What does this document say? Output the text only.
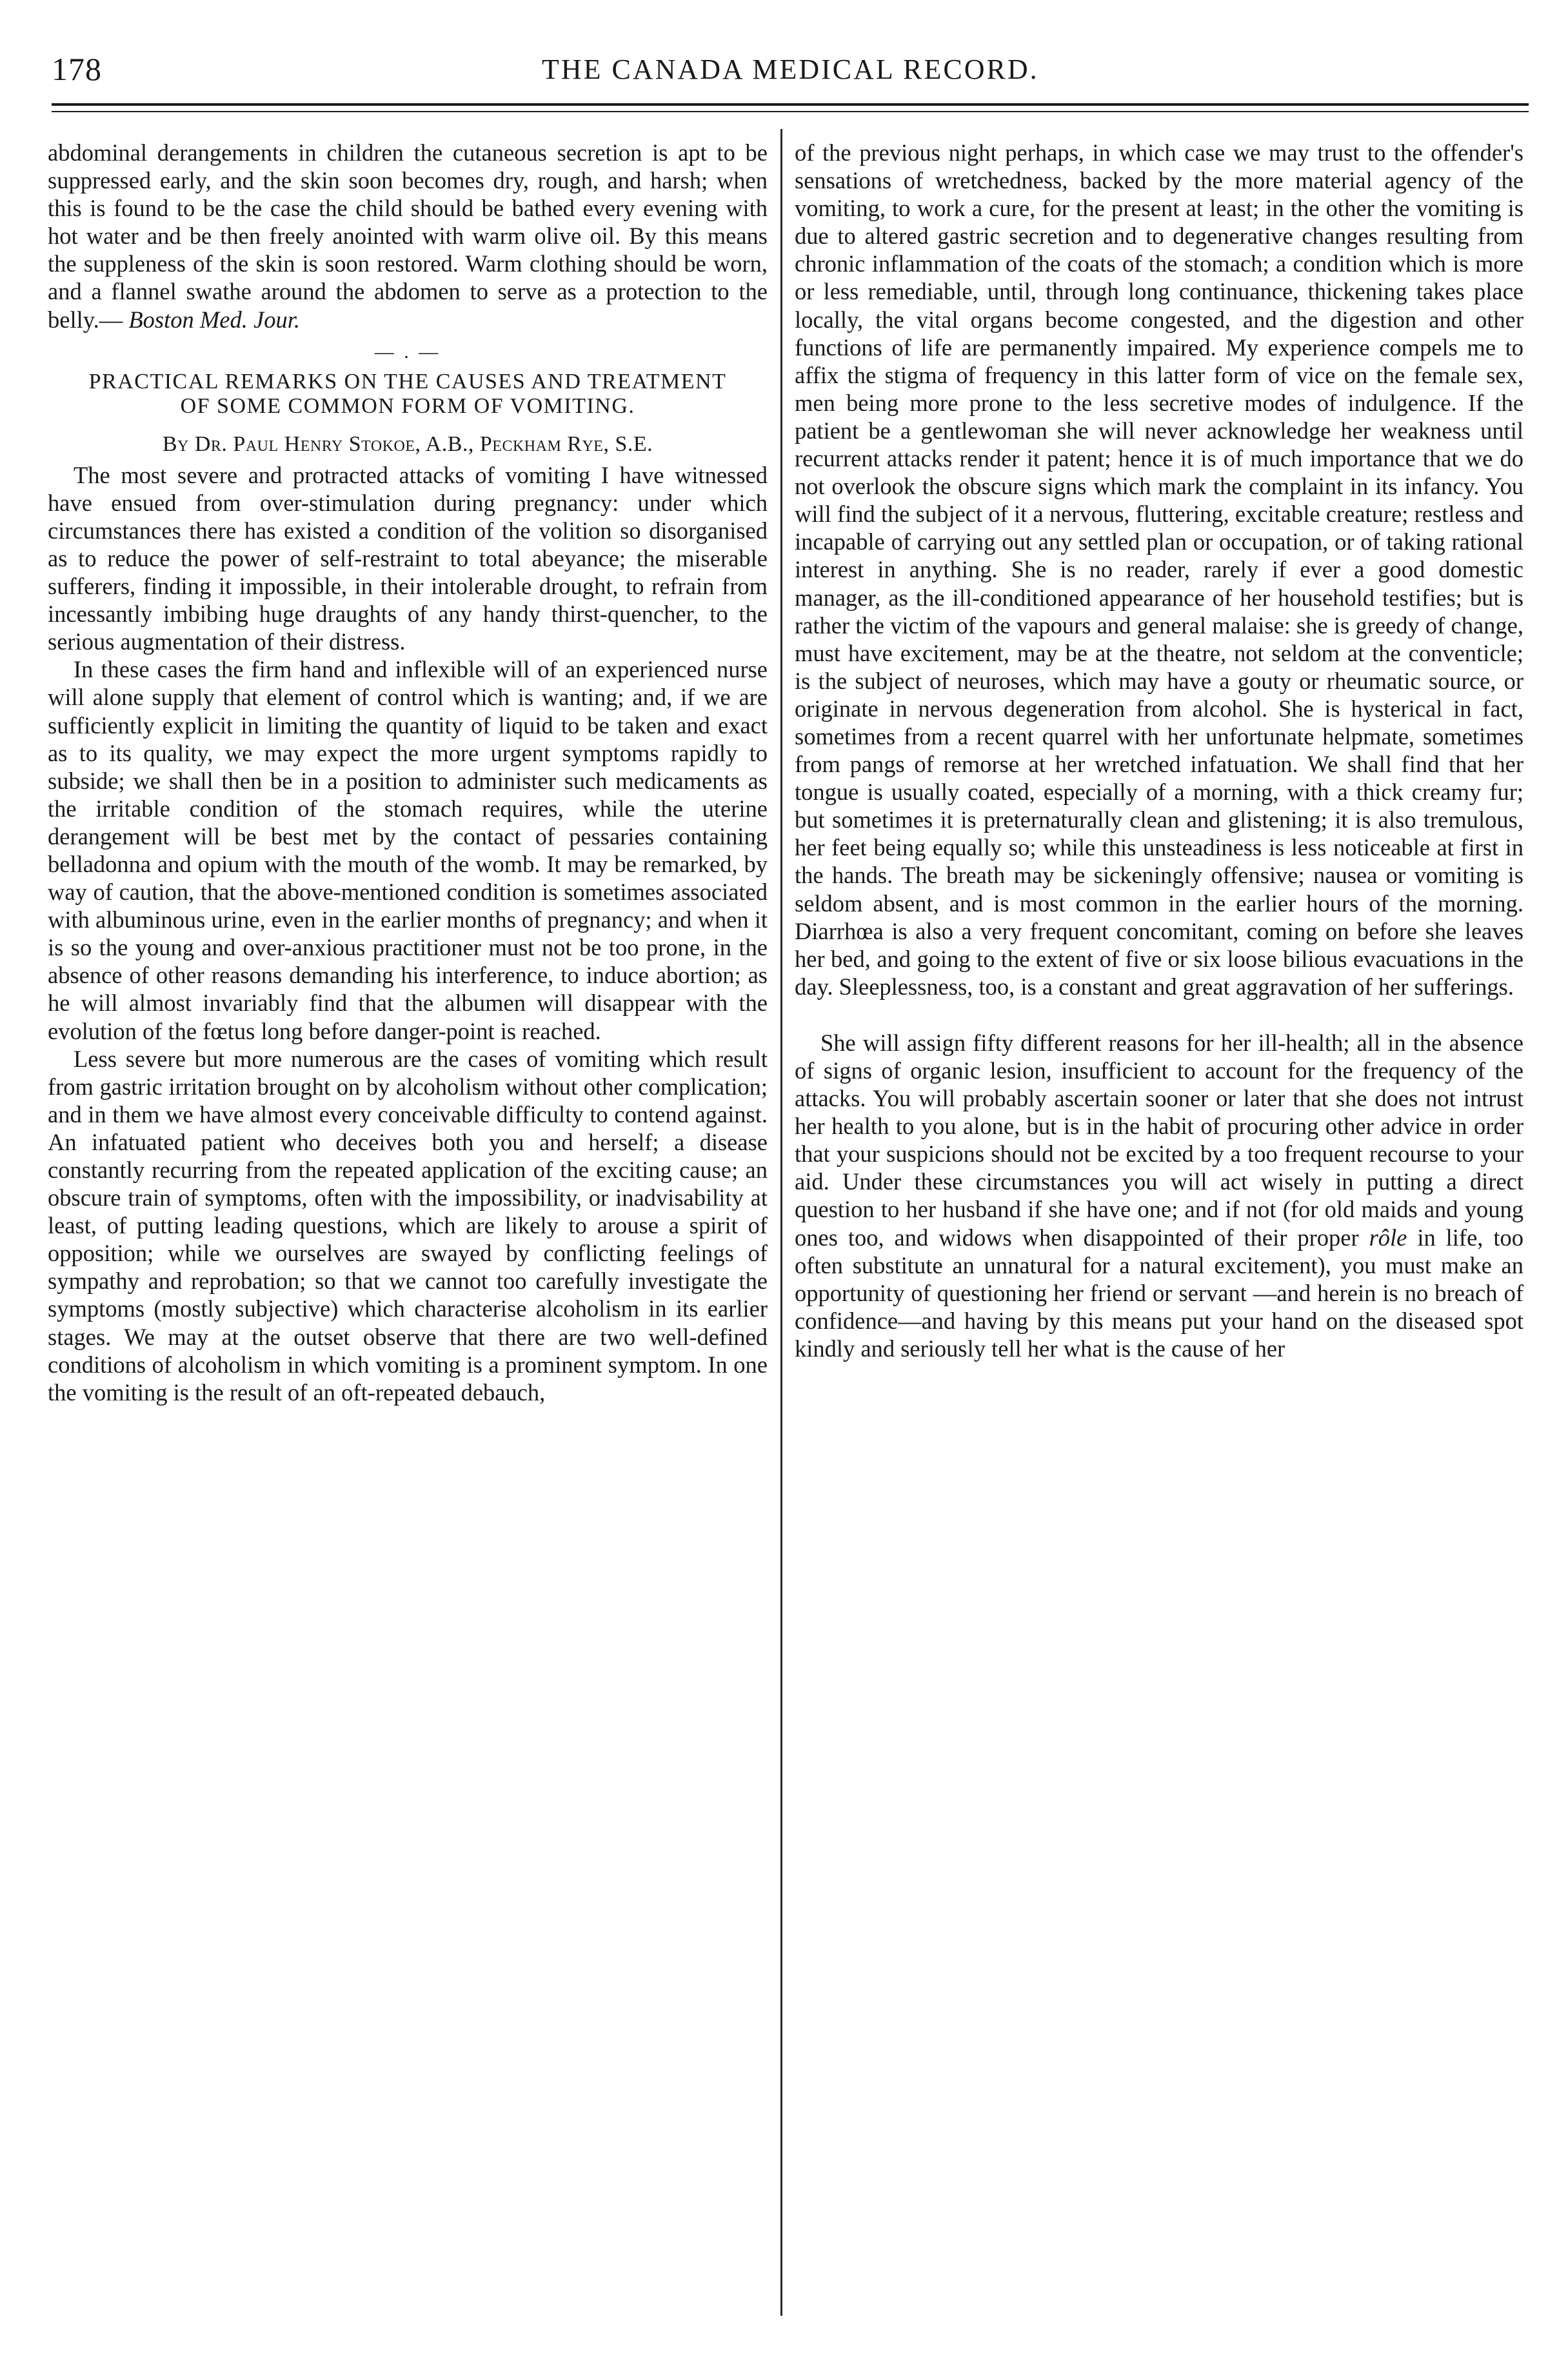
178	THE CANADA MEDICAL RECORD.

abdominal derangements in children the cutaneous secretion is apt to be suppressed early, and the skin soon becomes dry, rough, and harsh; when this is found to be the case the child should be bathed every evening with hot water and be then freely anointed with warm olive oil. By this means the suppleness of the skin is soon restored. Warm clothing should be worn, and a flannel swathe around the abdomen to serve as a protection to the belly.— Boston Med. Jour.

— . —
PRACTICAL REMARKS ON THE CAUSES AND TREATMENT OF SOME COMMON FORM OF VOMITING.
By Dr. Paul Henry Stokoe, A.B., Peckham Rye, S.E.

The most severe and protracted attacks of vomiting I have witnessed have ensued from over-stimulation during pregnancy: under which circumstances there has existed a condition of the volition so disorganised as to reduce the power of self-restraint to total abeyance; the miserable sufferers, finding it impossible, in their intolerable drought, to refrain from incessantly imbibing huge draughts of any handy thirst-quencher, to the serious augmentation of their distress.

In these cases the firm hand and inflexible will of an experienced nurse will alone supply that element of control which is wanting; and, if we are sufficiently explicit in limiting the quantity of liquid to be taken and exact as to its quality, we may expect the more urgent symptoms rapidly to subside; we shall then be in a position to administer such medicaments as the irritable condition of the stomach requires, while the uterine derangement will be best met by the contact of pessaries containing belladonna and opium with the mouth of the womb. It may be remarked, by way of caution, that the above-mentioned condition is sometimes associated with albuminous urine, even in the earlier months of pregnancy; and when it is so the young and over-anxious practitioner must not be too prone, in the absence of other reasons demanding his interference, to induce abortion; as he will almost invariably find that the albumen will disappear with the evolution of the fœtus long before danger-point is reached.

Less severe but more numerous are the cases of vomiting which result from gastric irritation brought on by alcoholism without other complication; and in them we have almost every conceivable difficulty to contend against. An infatuated patient who deceives both you and herself; a disease constantly recurring from the repeated application of the exciting cause; an obscure train of symptoms, often with the impossibility, or inadvisability at least, of putting leading questions, which are likely to arouse a spirit of opposition; while we ourselves are swayed by conflicting feelings of sympathy and reprobation; so that we cannot too carefully investigate the symptoms (mostly subjective) which characterise alcoholism in its earlier stages. We may at the outset observe that there are two well-defined conditions of alcoholism in which vomiting is a prominent symptom. In one the vomiting is the result of an oft-repeated debauch,

of the previous night perhaps, in which case we may trust to the offender's sensations of wretchedness, backed by the more material agency of the vomiting, to work a cure, for the present at least; in the other the vomiting is due to altered gastric secretion and to degenerative changes resulting from chronic inflammation of the coats of the stomach; a condition which is more or less remediable, until, through long continuance, thickening takes place locally, the vital organs become congested, and the digestion and other functions of life are permanently impaired. My experience compels me to affix the stigma of frequency in this latter form of vice on the female sex, men being more prone to the less secretive modes of indulgence. If the patient be a gentlewoman she will never acknowledge her weakness until recurrent attacks render it patent; hence it is of much importance that we do not overlook the obscure signs which mark the complaint in its infancy. You will find the subject of it a nervous, fluttering, excitable creature; restless and incapable of carrying out any settled plan or occupation, or of taking rational interest in anything. She is no reader, rarely if ever a good domestic manager, as the ill-conditioned appearance of her household testifies; but is rather the victim of the vapours and general malaise: she is greedy of change, must have excitement, may be at the theatre, not seldom at the conventicle; is the subject of neuroses, which may have a gouty or rheumatic source, or originate in nervous degeneration from alcohol. She is hysterical in fact, sometimes from a recent quarrel with her unfortunate helpmate, sometimes from pangs of remorse at her wretched infatuation. We shall find that her tongue is usually coated, especially of a morning, with a thick creamy fur; but sometimes it is preternaturally clean and glistening; it is also tremulous, her feet being equally so; while this unsteadiness is less noticeable at first in the hands. The breath may be sickeningly offensive; nausea or vomiting is seldom absent, and is most common in the earlier hours of the morning. Diarrhœa is also a very frequent concomitant, coming on before she leaves her bed, and going to the extent of five or six loose bilious evacuations in the day. Sleeplessness, too, is a constant and great aggravation of her sufferings.

She will assign fifty different reasons for her ill-health; all in the absence of signs of organic lesion, insufficient to account for the frequency of the attacks. You will probably ascertain sooner or later that she does not intrust her health to you alone, but is in the habit of procuring other advice in order that your suspicions should not be excited by a too frequent recourse to your aid. Under these circumstances you will act wisely in putting a direct question to her husband if she have one; and if not (for old maids and young ones too, and widows when disappointed of their proper rôle in life, too often substitute an unnatural for a natural excitement), you must make an opportunity of questioning her friend or servant —and herein is no breach of confidence—and having by this means put your hand on the diseased spot kindly and seriously tell her what is the cause of her
